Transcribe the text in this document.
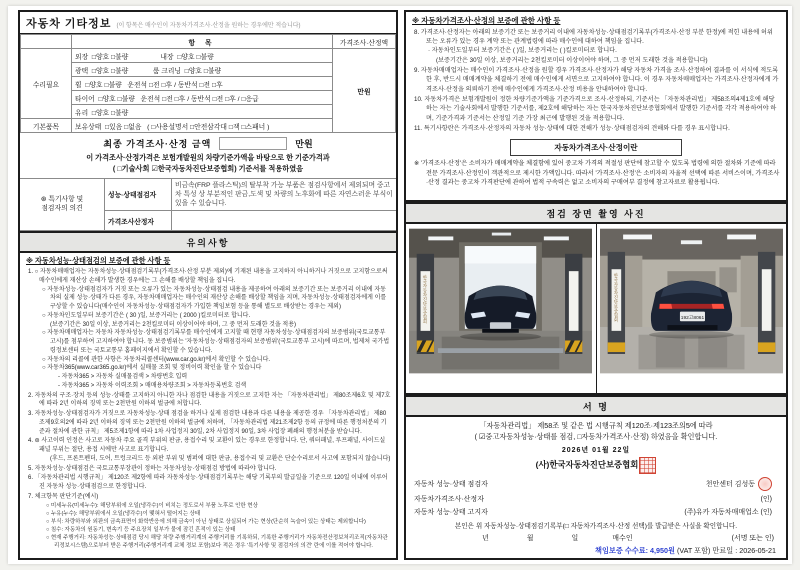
자동차 기타정보 (이 항목은 매수인이 자동차가격조사·산정을 원하는 경우에만 적습니다)
	항 목	가격조사·산정액
수리필요	외장  □양호 □불량                 내장  □양호 □불량	만원
	광택  □양호 □불량             룸 크리닝  □양호 □불량	
	휠  □양호 □불량   운전석 □전 □후 / 동반석 □전 □후	
	타이어  □양호 □불량   운전석 □전 □후 / 동반석 □전 □후 / □응급	
	유리  □양호 □불량	
기본품목	보유상태  □있음 □없음   ( □사용설명서 □안전삼각대 □잭 □스패너 )	
최종 가격조사·산정 금액	만원
이 가격조사·산정가격은 보험개발원의 차량기준가액을 바탕으로 한 기준가격과
( □기술사회 ☑한국자동차진단보증협회) 기준서를 적용하였음
⊛ 특기사항 및
점검자의 의견	성능·상태점검자	비금속(FRP 플라스틱)의 탈부착 가능 부품은 점검사항에서 제외되며 중고차 특성 상 부분적인 판금,도색 및 차량의 노후화에 따른 자연스러운 부식이 있을 수 있습니다.
	가격조사산정자	
유의사항
※ 자동차성능·상태점검의 보증에 관한 사항 등
1. ○ 자동차매매업자는 자동차성능·상태점검기록부(가격조사·산정 부분 제외)에 기재된 내용을 고지하지 아니하거나 거짓으로 고지함으로써 매수인에게 재산상 손해가 발생한 경우에는 그 손해를 배상할 책임을 집니다.
○ 자동차성능·상태점검자가 거짓 또는 오류가 있는 자동차성능·상태점검 내용을 제공하여 아래의 보증기간 또는 보증거리 이내에 자동차의 실제 성능·상태가 다른 경우, 자동차매매업자는 매수인의 재산상 손해를 배상할 책임을 지며, 자동차성능·상태점검자에게 이를 구상할 수 있습니다(매수인이 자동차성능·상태점검자가 가입한 책임보험 등을 통해 별도로 배상받는 경우는 제외)
○ 자동차인도일부터 보증기간은 ( 30 )일, 보증거리는 ( 2000 )킬로미터로 합니다.
(보증기간은 30일 이상, 보증거리는 2천킬로미터 이상이어야 하며, 그 중 먼저 도래한 것을 적용)
○ 자동차매매업자는 자동차 자동차성능·상태점검기록부를 매수인에게 고지할 때 현행 자동차성능·상태점검자의 보증범위(국토교통부 고시)를 첨부하여 고지하여야 합니다. 동 보증범위는 '자동차성능·상태점검자의 보증범위'(국토교통부 고시)에 따르며, 법제처 국가법령정보센터 또는 국토교통부 홈페이지에서 확인할 수 있습니다.
○ 자동차의 리콜에 관한 사항은 자동차리콜센터(www.car.go.kr)에서 확인할 수 있습니다.
○ 자동차365(www.car365.go.kr)에서 실매물 조회 및 정비이력 확인을 할 수 있습니다
- 자동차365 > 자동차 실매물검색 > 차량번호 입력
- 자동차365 > 자동차 이력조회 > 매매용차량조회 > 자동차등록번호 검색
2. 자동차의 구조·장치 등의 성능·상태를 고지하지 아니한 자나 점검한 내용을 거짓으로 고지한 자는 「자동차관리법」 제80조제6호 및 제7호에 따라 2년 이하의 징역 또는 2천만원 이하의 벌금에 처합니다.
3. 자동차성능·상태점검자가 거짓으로 자동차성능·상태 점검을 하거나 실제 점검한 내용과 다른 내용을 제공한 경우 「자동차관리법」 제80조제9호의2에 따라 2년 이하의 징역 또는 2천만원 이하의 벌금에 처하며, 「자동차관리법 제21조제2항 등의 규정에 따른 행정처분의 기준과 절차에 관한 규칙」 제5조제1항에 따라 1차 사업정지 30일, 2차 사업정지 90일, 3차 사업장 폐쇄의 행정처분을 받습니다.
4. ⊜ 사고이력 인정은 사고로 자동차 주요 골격 부위의 판금, 용접수리 및 교환이 있는 경우로 한정합니다. 단, 쿼터패널, 루프패널, 사이드실패널 부위는 절단, 용접 시에만 사고로 표기합니다.
(후드, 프론트펜더, 도어, 트렁크리드 등 외판 부위 및 범퍼에 대한 판금, 용접수리 및 교환은 단순수리로서 사고에 포함되지 않습니다)
5. 자동차성능·상태점검은 국토교통부장관이 정하는 자동차성능·상태점검 방법에 따라야 합니다.
6. 「자동차관리법 시행규칙」 제120조 제2항에 따라 자동차성능·상태점검기록부는 해당 기록부의 발급일을 기준으로 120일 이내에 이루어진 자동차 성능·상태점검으로 한정합니다.
7. 체크항목 판단기준(예시)
○ 미세누유(미세누수): 해당부위에 오일(냉각수)이 비치는 정도로서 부품 노후로 인한 현상
○ 누유(누수): 해당부위에서 오일(냉각수)이 맺혀서 떨어지는 상태
○ 부식: 차량하부와 외판의 금속표면이 화학반응에 의해 금속이 아닌 상태로 상실되어 가는 현상(단순히 녹슬어 있는 상태는 제외합니다)
○ 침수: 자동차의 원동기, 변속기 등 주요장치 일부가 물에 잠긴 흔적이 있는 상태
○ 현재 주행거리: 자동차성능·상태점검 당시 해당 차량 주행거리계의 주행거리를 기록하되, 기록한 주행거리가 자동차전산정보처리조직(자동차관리정보시스템)으로부터 받은 주행거리(주행거리계 교체 정보 포함)보다 적은 경우 '특기사항 및 점검자의 의견' 란에 이를 적어야 합니다.
※ 자동차가격조사·산정의 보증에 관한 사항 등
8. 가격조사·산정자는 아래의 보증기간 또는 보증거리 이내에 자동차성능·상태점검기록부(가격조사·산정 부분 한정)에 적힌 내용에 허위 또는 오류가 있는 경우 계약 또는 관계법령에 따라 매수인에 대하여 책임을 집니다.
· 자동차인도일부터 보증기간은 ( )일, 보증거리는 ( )킬로미터로 합니다.
(보증기간은 30일 이상, 보증거리는 2천킬로미터 이상이어야 하며, 그 중 먼저 도래한 것을 적용합니다)
9. 자동차매매업자는 매수인이 가격조사·산정을 원할 경우 가격조사·산정자가 해당 자동차 가격을 조사·산정하여 결과를 이 서식에 적도록 한 후, 반드시 매매계약을 체결하기 전에 매수인에게 서면으로 고지하여야 합니다. 이 경우 자동차매매업자는 가격조사·산정자에게 가격조사·산정을 의뢰하기 전에 매수인에게 가격조사·산정 비용을 안내하여야 합니다.
10. 자동차가격은 보험개발원이 정한 차량기준가액을 기준가격으로 조사·산정하되, 기준서는 「자동차관리법」 제58조의4제1호에 해당하는 자는 기술사회에서 발행한 기준서를, 제2호에 해당하는 자는 한국자동차진단보증협회에서 발행한 기준서를 각각 적용하여야 하며, 기준가격과 기준서는 산정일 기준 가장 최근에 발행된 것을 적용합니다.
11. 특기사항란은 가격조사·산정자의 자동차 성능·상태에 대한 견해가 성능·상태점검자의 견해와 다를 경우 표시합니다.
자동차가격조사·산정이란
※ '가격조사·산정'은 소비자가 매매계약을 체결함에 있어 중고차 가격의 적절성 판단에 참고할 수 있도록 법령에 의한 절차와 기준에 따라 전문 가격조사·산정인이 객관적으로 제시한 가액입니다. 따라서 '가격조사·산정'은 소비자의 자율적 선택에 따른 서비스이며, 가격조사·산정 결과는 중고차 가격판단에 관하여 법적 구속력은 없고 소비자의 구매여부 결정에 참고자료로 활용됩니다.
점검 장면 촬영 사진
한국자동차진단보증협회	한국자동차진단보증협회	192고8061
서 명
「자동차관리법」 제58조 및 같은 법 시행규칙 제120조·제123조의5에 따라
( ☑중고자동차성능·상태를 점검, □자동차가격조사·산정) 하였음을 확인합니다.
2026년 01월 22일
(사)한국자동차진단보증협회
자동차 성능·상태 점검자	천안센터 김성동
자동차가격조사·산정자	(인)
자동차 성능·상태 고지자	(주)유카 자동차매매업소 (인)
본인은 위 자동차성능·상태점검기록부(□ 자동차가격조사·산정 선택)를 발급받은 사실을 확인합니다.
년	월	일	매수인	(서명 또는 인)
책임보증 수수료: 4,950원 (VAT 포함) 만료일 : 2026-05-21
